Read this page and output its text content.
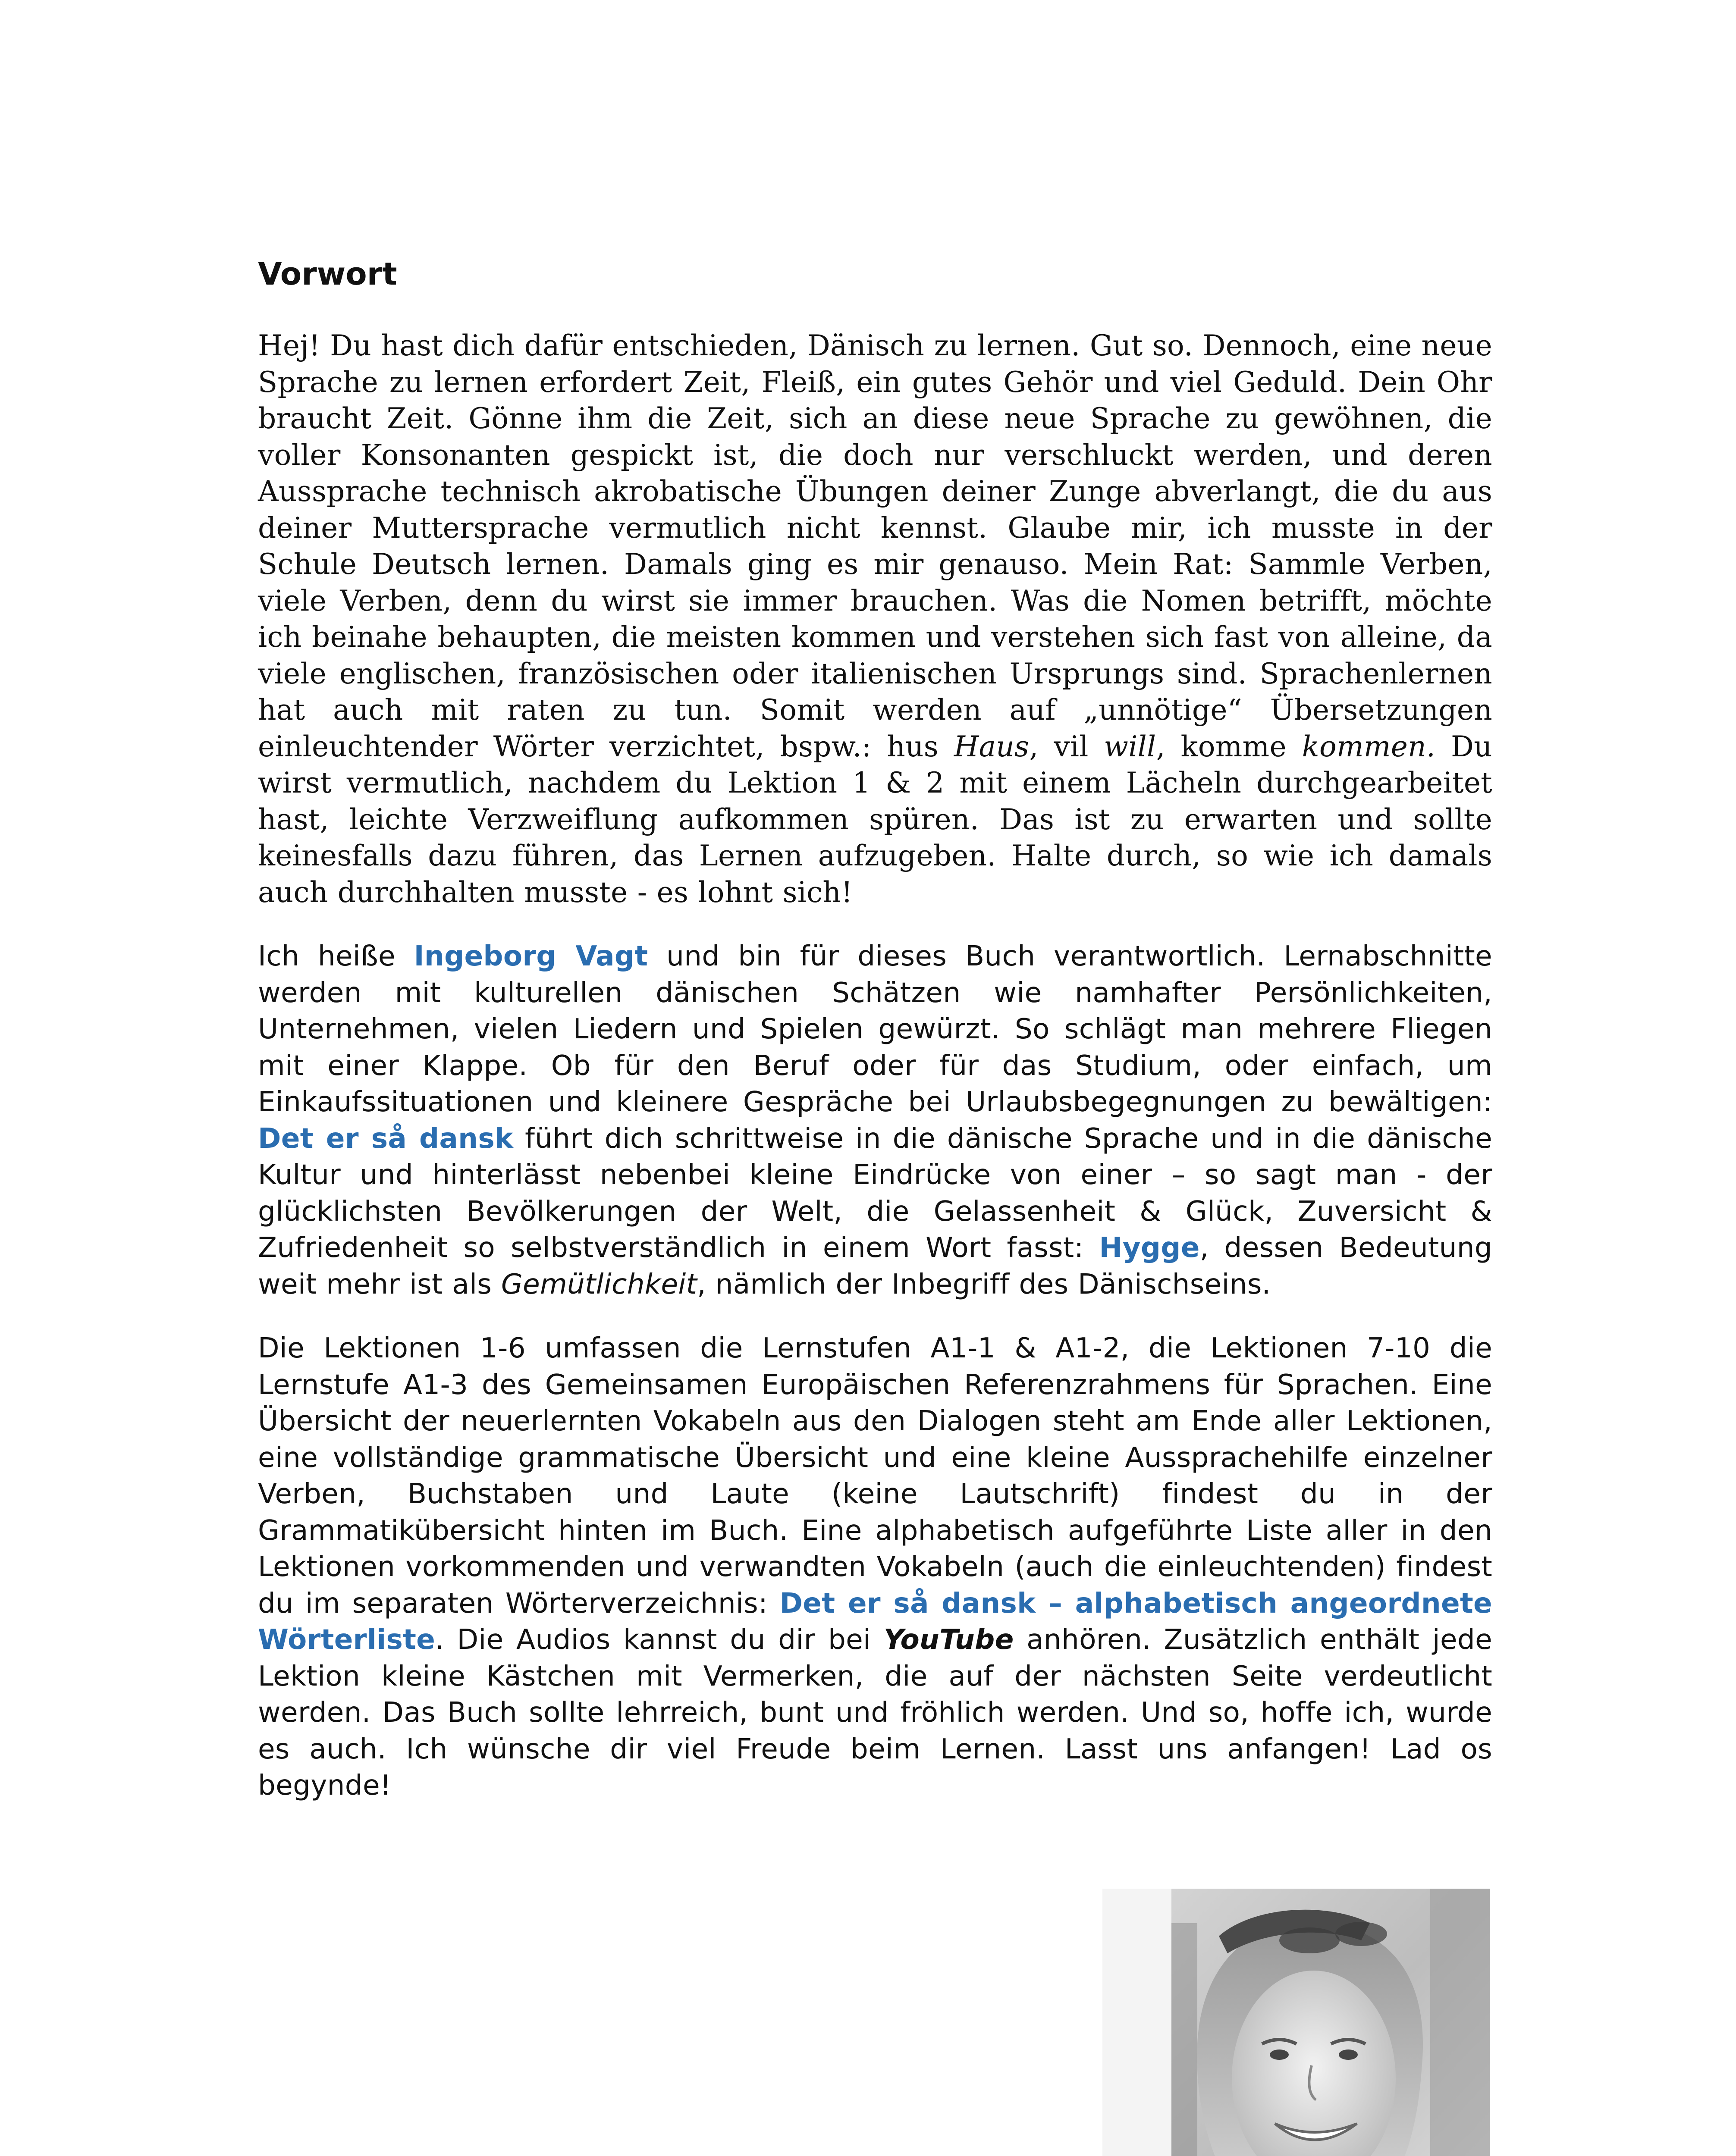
Vorwort

Hej! Du hast dich dafür entschieden, Dänisch zu lernen. Gut so. Dennoch, eine neue Sprache zu lernen erfordert Zeit, Fleiß, ein gutes Gehör und viel Geduld. Dein Ohr braucht Zeit. Gönne ihm die Zeit, sich an diese neue Sprache zu gewöhnen, die voller Konsonanten gespickt ist, die doch nur verschluckt werden, und deren Aussprache technisch akrobatische Übungen deiner Zunge abverlangt, die du aus deiner Muttersprache vermutlich nicht kennst. Glaube mir, ich musste in der Schule Deutsch lernen. Damals ging es mir genauso. Mein Rat: Sammle Verben, viele Verben, denn du wirst sie immer brauchen. Was die Nomen betrifft, möchte ich beinahe behaupten, die meisten kommen und verstehen sich fast von alleine, da viele englischen, französischen oder italienischen Ursprungs sind. Sprachenlernen hat auch mit raten zu tun. Somit werden auf „unnötige“ Übersetzungen einleuchtender Wörter verzichtet, bspw.: hus Haus, vil will, komme kommen. Du wirst vermutlich, nachdem du Lektion 1 & 2 mit einem Lächeln durchgearbeitet hast, leichte Verzweiflung aufkommen spüren. Das ist zu erwarten und sollte keinesfalls dazu führen, das Lernen aufzugeben. Halte durch, so wie ich damals auch durchhalten musste - es lohnt sich!

Ich heiße Ingeborg Vagt und bin für dieses Buch verantwortlich. Lernabschnitte werden mit kulturellen dänischen Schätzen wie namhafter Persönlichkeiten, Unternehmen, vielen Liedern und Spielen gewürzt. So schlägt man mehrere Fliegen mit einer Klappe. Ob für den Beruf oder für das Studium, oder einfach, um Einkaufssituationen und kleinere Gespräche bei Urlaubsbegegnungen zu bewältigen: Det er så dansk führt dich schrittweise in die dänische Sprache und in die dänische Kultur und hinterlässt nebenbei kleine Eindrücke von einer – so sagt man - der glücklichsten Bevölkerungen der Welt, die Gelassenheit & Glück, Zuversicht & Zufriedenheit so selbstverständlich in einem Wort fasst: Hygge, dessen Bedeutung weit mehr ist als Gemütlichkeit, nämlich der Inbegriff des Dänischseins.

Die Lektionen 1-6 umfassen die Lernstufen A1-1 & A1-2, die Lektionen 7-10 die Lernstufe A1-3 des Gemeinsamen Europäischen Referenzrahmens für Sprachen. Eine Übersicht der neuerlernten Vokabeln aus den Dialogen steht am Ende aller Lektionen, eine vollständige grammatische Übersicht und eine kleine Aussprachehilfe einzelner Verben, Buchstaben und Laute (keine Lautschrift) findest du in der Grammatikübersicht hinten im Buch. Eine alphabetisch aufgeführte Liste aller in den Lektionen vorkommenden und verwandten Vokabeln (auch die einleuchtenden) findest du im separaten Wörterverzeichnis: Det er så dansk – alphabetisch angeordnete Wörterliste. Die Audios kannst du dir bei YouTube anhören. Zusätzlich enthält jede Lektion kleine Kästchen mit Vermerken, die auf der nächsten Seite verdeutlicht werden. Das Buch sollte lehrreich, bunt und fröhlich werden. Und so, hoffe ich, wurde es auch. Ich wünsche dir viel Freude beim Lernen. Lasst uns anfangen! Lad os begynde!
